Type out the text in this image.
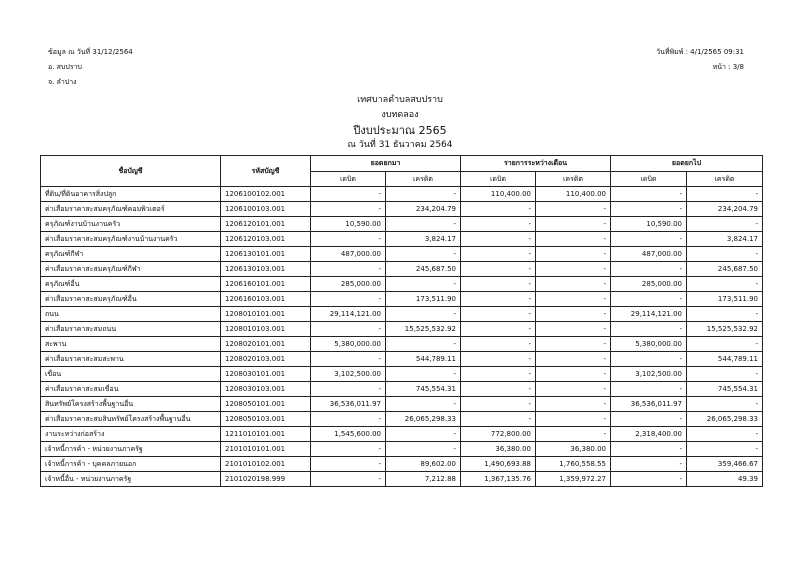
ข้อมูล ณ วันที่ 31/12/2564
อ. สบปราบ
จ. ลำปาง
วันที่พิมพ์ : 4/1/2565 09:31
หน้า : 3/8
เทศบาลตำบลสบปราบ
งบทดลอง
ปีงบประมาณ 2565
ณ วันที่ 31 ธันวาคม 2564
ชื่อบัญชี	รหัสบัญชี	ยอดยกมา		รายการระหว่างเดือน		ยอดยกไป	
		เดบิต	เครดิต	เดบิต	เครดิต	เดบิต	เครดิต
ที่ดิน/ที่ดินอาคารสิ่งปลูก	1206100102.001	-	-	110,400.00	110,400.00	-	-
ค่าเสื่อมราคาสะสมครุภัณฑ์คอมพิวเตอร์	1206100103.001	-	234,204.79	-	-	-	234,204.79
ครุภัณฑ์งานบ้านงานครัว	1206120101.001	10,590.00	-	-	-	10,590.00	-
ค่าเสื่อมราคาสะสมครุภัณฑ์งานบ้านงานครัว	1206120103.001	-	3,824.17	-	-	-	3,824.17
ครุภัณฑ์กีฬา	1206130101.001	487,000.00	-	-	-	487,000.00	-
ค่าเสื่อมราคาสะสมครุภัณฑ์กีฬา	1206130103.001	-	245,687.50	-	-	-	245,687.50
ครุภัณฑ์อื่น	1206160101.001	285,000.00	-	-	-	285,000.00	-
ค่าเสื่อมราคาสะสมครุภัณฑ์อื่น	1206160103.001	-	173,511.90	-	-	-	173,511.90
ถนน	1208010101.001	29,114,121.00	-	-	-	29,114,121.00	-
ค่าเสื่อมราคาสะสมถนน	1208010103.001	-	15,525,532.92	-	-	-	15,525,532.92
สะพาน	1208020101.001	5,380,000.00	-	-	-	5,380,000.00	-
ค่าเสื่อมราคาสะสมสะพาน	1208020103.001	-	544,789.11	-	-	-	544,789.11
เขื่อน	1208030101.001	3,102,500.00	-	-	-	3,102,500.00	-
ค่าเสื่อมราคาสะสมเขื่อน	1208030103.001	-	745,554.31	-	-	-	745,554.31
สินทรัพย์โครงสร้างพื้นฐานอื่น	1208050101.001	36,536,011.97	-	-	-	36,536,011.97	-
ค่าเสื่อมราคาสะสมสินทรัพย์โครงสร้างพื้นฐานอื่น	1208050103.001	-	26,065,298.33	-	-	-	26,065,298.33
งานระหว่างก่อสร้าง	1211010101.001	1,545,600.00	-	772,800.00	-	2,318,400.00	-
เจ้าหนี้การค้า - หน่วยงานภาครัฐ	2101010101.001	-	-	36,380.00	36,380.00	-	-
เจ้าหนี้การค้า - บุคคลภายนอก	2101010102.001	-	89,602.00	1,490,693.88	1,760,558.55	-	359,466.67
เจ้าหนี้อื่น - หน่วยงานภาครัฐ	2101020198.999	-	7,212.88	1,367,135.76	1,359,972.27	-	49.39
